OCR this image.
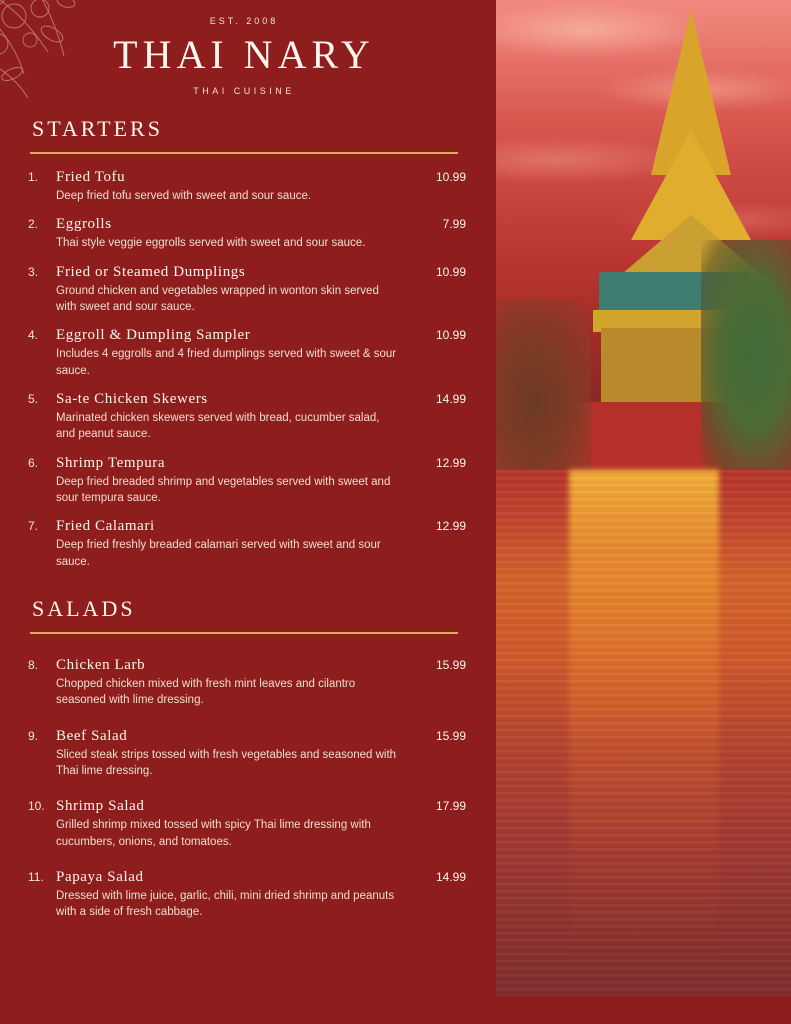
EST. 2008
THAI NARY
THAI CUISINE
STARTERS
1.	Fried Tofu
Deep fried tofu served with sweet and sour sauce.
10.99
2.	Eggrolls
Thai style veggie eggrolls served with sweet and sour sauce.
7.99
3.	Fried or Steamed Dumplings
Ground chicken and vegetables wrapped in wonton skin served with sweet and sour sauce.
10.99
4.	Eggroll & Dumpling Sampler
Includes 4 eggrolls and 4 fried dumplings served with sweet & sour sauce.
10.99
5.	Sa-te Chicken Skewers
Marinated chicken skewers served with bread, cucumber salad, and peanut sauce.
14.99
6.	Shrimp Tempura
Deep fried breaded shrimp and vegetables served with sweet and sour tempura sauce.
12.99
7.	Fried Calamari
Deep fried freshly breaded calamari served with sweet and sour sauce.
12.99
SALADS
8.	Chicken Larb
Chopped chicken mixed with fresh mint leaves and cilantro seasoned with lime dressing.
15.99
9.	Beef Salad
Sliced steak strips tossed with fresh vegetables and seasoned with Thai lime dressing.
15.99
10. Shrimp Salad
Grilled shrimp mixed tossed with spicy Thai lime dressing with cucumbers, onions, and tomatoes.
17.99
11. Papaya Salad
Dressed with lime juice, garlic, chili, mini dried shrimp and peanuts with a side of fresh cabbage.
14.99
